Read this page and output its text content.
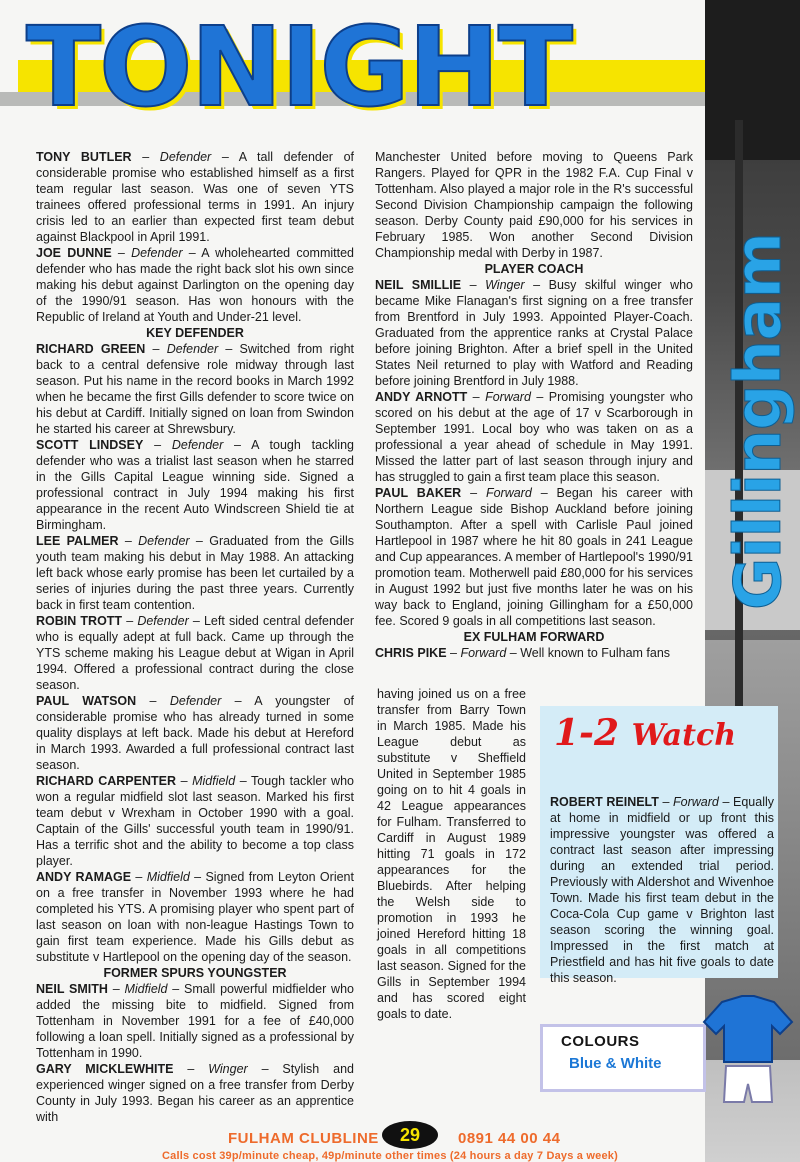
TONIGHT
Gillingham

TONY BUTLER – Defender – A tall defender of considerable promise who established himself as a first team regular last season. Was one of seven YTS trainees offered professional terms in 1991. An injury crisis led to an earlier than expected first team debut against Blackpool in April 1991.

JOE DUNNE – Defender – A wholehearted committed defender who has made the right back slot his own since making his debut against Darlington on the opening day of the 1990/91 season. Has won honours with the Republic of Ireland at Youth and Under-21 level.

KEY DEFENDER

RICHARD GREEN – Defender – Switched from right back to a central defensive role midway through last season. Put his name in the record books in March 1992 when he became the first Gills defender to score twice on his debut at Cardiff. Initially signed on loan from Swindon he started his career at Shrewsbury.

SCOTT LINDSEY – Defender – A tough tackling defender who was a trialist last season when he starred in the Gills Capital League winning side. Signed a professional contract in July 1994 making his first appearance in the recent Auto Windscreen Shield tie at Birmingham.

LEE PALMER – Defender – Graduated from the Gills youth team making his debut in May 1988. An attacking left back whose early promise has been let curtailed by a series of injuries during the past three years. Currently back in first team contention.

ROBIN TROTT – Defender – Left sided central defender who is equally adept at full back. Came up through the YTS scheme making his League debut at Wigan in April 1994. Offered a professional contract during the close season.

PAUL WATSON – Defender – A youngster of considerable promise who has already turned in some quality displays at left back. Made his debut at Hereford in March 1993. Awarded a full professional contract last season.

RICHARD CARPENTER – Midfield – Tough tackler who won a regular midfield slot last season. Marked his first team debut v Wrexham in October 1990 with a goal. Captain of the Gills' successful youth team in 1990/91. Has a terrific shot and the ability to become a top class player.

ANDY RAMAGE – Midfield – Signed from Leyton Orient on a free transfer in November 1993 where he had completed his YTS. A promising player who spent part of last season on loan with non-league Hastings Town to gain first team experience. Made his Gills debut as substitute v Hartlepool on the opening day of the season.

FORMER SPURS YOUNGSTER

NEIL SMITH – Midfield – Small powerful midfielder who added the missing bite to midfield. Signed from Tottenham in November 1991 for a fee of £40,000 following a loan spell. Initially signed as a professional by Tottenham in 1990.

GARY MICKLEWHITE – Winger – Stylish and experienced winger signed on a free transfer from Derby County in July 1993. Began his career as an apprentice with

Manchester United before moving to Queens Park Rangers. Played for QPR in the 1982 F.A. Cup Final v Tottenham. Also played a major role in the R's successful Second Division Championship campaign the following season. Derby County paid £90,000 for his services in February 1985. Won another Second Division Championship medal with Derby in 1987.

PLAYER COACH

NEIL SMILLIE – Winger – Busy skilful winger who became Mike Flanagan's first signing on a free transfer from Brentford in July 1993. Appointed Player-Coach. Graduated from the apprentice ranks at Crystal Palace before joining Brighton. After a brief spell in the United States Neil returned to play with Watford and Reading before joining Brentford in July 1988.

ANDY ARNOTT – Forward – Promising youngster who scored on his debut at the age of 17 v Scarborough in September 1991. Local boy who was taken on as a professional a year ahead of schedule in May 1991. Missed the latter part of last season through injury and has struggled to gain a first team place this season.

PAUL BAKER – Forward – Began his career with Northern League side Bishop Auckland before joining Southampton. After a spell with Carlisle Paul joined Hartlepool in 1987 where he hit 80 goals in 241 League and Cup appearances. A member of Hartlepool's 1990/91 promotion team. Motherwell paid £80,000 for his services in August 1992 but just five months later he was on his way back to England, joining Gillingham for a £50,000 fee. Scored 9 goals in all competitions last season.

EX FULHAM FORWARD

CHRIS PIKE – Forward – Well known to Fulham fans

having joined us on a free transfer from Barry Town in March 1985. Made his League debut as substitute v Sheffield United in September 1985 going on to hit 4 goals in 42 League appearances for Fulham. Transferred to Cardiff in August 1989 hitting 71 goals in 172 appearances for the Bluebirds. After helping the Welsh side to promotion in 1993 he joined Hereford hitting 18 goals in all competitions last season. Signed for the Gills in September 1994 and has scored eight goals to date.

1-2 Watch
ROBERT REINELT – Forward – Equally at home in midfield or up front this impressive youngster was offered a contract last season after impressing during an extended trial period. Previously with Aldershot and Wivenhoe Town. Made his first team debut in the Coca-Cola Cup game v Brighton last season scoring the winning goal. Impressed in the first match at Priestfield and has hit five goals to date this season.
COLOURS
Blue & White
FULHAM CLUBLINE	29	0891 44 00 44
Calls cost 39p/minute cheap, 49p/minute other times (24 hours a day 7 Days a week)
